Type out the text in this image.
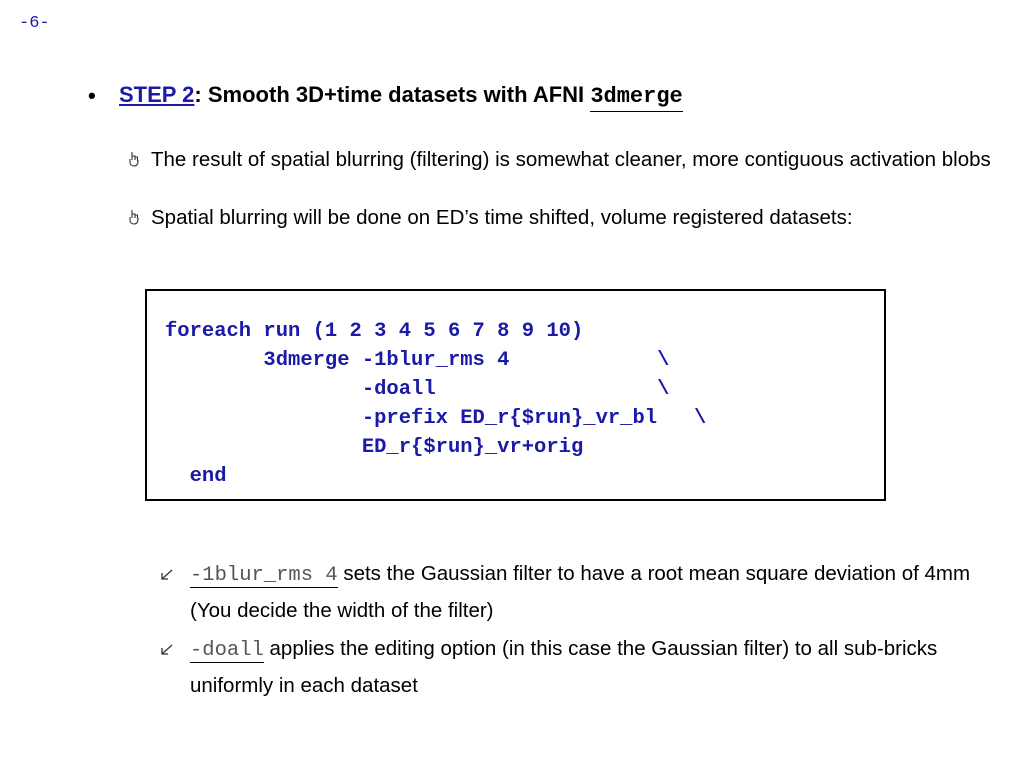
-6-
• STEP 2: Smooth 3D+time datasets with AFNI 3dmerge
The result of spatial blurring (filtering) is somewhat cleaner, more contiguous activation blobs
Spatial blurring will be done on ED’s time shifted, volume registered datasets:
foreach run (1 2 3 4 5 6 7 8 9 10)
3dmerge -1blur_rms 4            \
-doall                  \
-prefix ED_r{$run}_vr_bl   \
ED_r{$run}_vr+orig
end
-1blur_rms 4 sets the Gaussian filter to have a root mean square deviation of 4mm (You decide the width of the filter)
-doall applies the editing option (in this case the Gaussian filter) to all sub-bricks uniformly in each dataset
